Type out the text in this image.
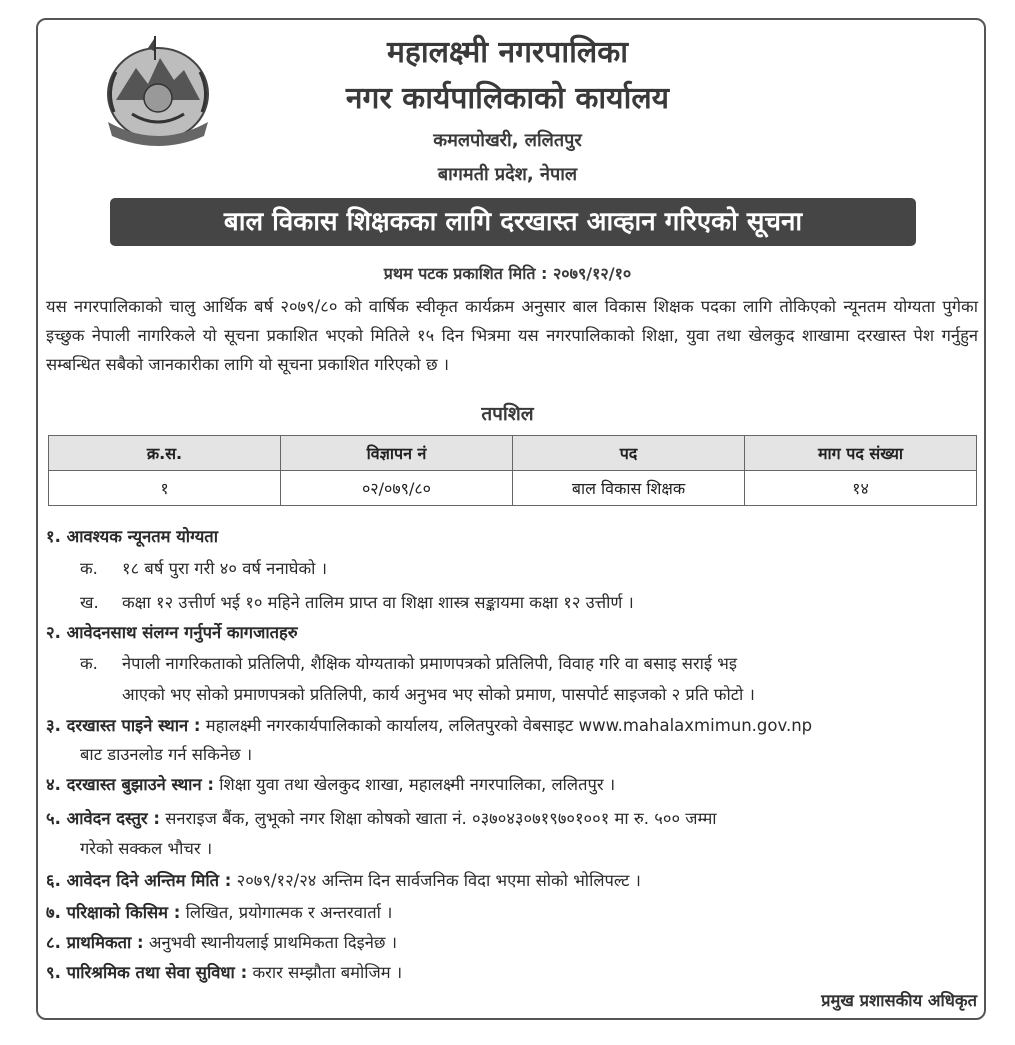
महालक्ष्मी नगरपालिका
नगर कार्यपालिकाको कार्यालय
कमलपोखरी, ललितपुर
बागमती प्रदेश, नेपाल
बाल विकास शिक्षकका लागि दरखास्त आव्हान गरिएको सूचना
प्रथम पटक प्रकाशित मिति : २०७९/१२/१०
यस नगरपालिकाको चालु आर्थिक बर्ष २०७९/८० को वार्षिक स्वीकृत कार्यक्रम अनुसार बाल विकास शिक्षक पदका लागि तोकिएको न्यूनतम योग्यता पुगेका इच्छुक नेपाली नागरिकले यो सूचना प्रकाशित भएको मितिले १५ दिन भित्रमा यस नगरपालिकाको शिक्षा, युवा तथा खेलकुद शाखामा दरखास्त पेश गर्नुहुन सम्बन्धित सबैको जानकारीका लागि यो सूचना प्रकाशित गरिएको छ ।
तपशिल
क्र.स.	विज्ञापन नं	पद	माग पद संख्या
१	०२/०७९/८०	बाल विकास शिक्षक	१४
१. आवश्यक न्यूनतम योग्यता
क. १८ बर्ष पुरा गरी ४० वर्ष ननाघेको ।
ख. कक्षा १२ उत्तीर्ण भई १० महिने तालिम प्राप्त वा शिक्षा शास्त्र सङ्कायमा कक्षा १२ उत्तीर्ण ।
२. आवेदनसाथ संलग्न गर्नुपर्ने कागजातहरु
क. नेपाली नागरिकताको प्रतिलिपी, शैक्षिक योग्यताको प्रमाणपत्रको प्रतिलिपी, विवाह गरि वा बसाइ सराई भइ
आएको भए सोको प्रमाणपत्रको प्रतिलिपी, कार्य अनुभव भए सोको प्रमाण, पासपोर्ट साइजको २ प्रति फोटो ।
३. दरखास्त पाइने स्थान : महालक्ष्मी नगरकार्यपालिकाको कार्यालय, ललितपुरको वेबसाइट www.mahalaxmimun.gov.np
बाट डाउनलोड गर्न सकिनेछ ।
४. दरखास्त बुझाउने स्थान : शिक्षा युवा तथा खेलकुद शाखा, महालक्ष्मी नगरपालिका, ललितपुर ।
५. आवेदन दस्तुर : सनराइज बैंक, लुभूको नगर शिक्षा कोषको खाता नं. ०३७०४३०७१९७०१००१ मा रु. ५०० जम्मा
गरेको सक्कल भौचर ।
६. आवेदन दिने अन्तिम मिति : २०७९/१२/२४ अन्तिम दिन सार्वजनिक विदा भएमा सोको भोलिपल्ट ।
७. परिक्षाको किसिम : लिखित, प्रयोगात्मक र अन्तरवार्ता ।
८. प्राथमिकता : अनुभवी स्थानीयलाई प्राथमिकता दिइनेछ ।
९. पारिश्रमिक तथा सेवा सुविधा : करार सम्झौता बमोजिम ।
प्रमुख प्रशासकीय अधिकृत
